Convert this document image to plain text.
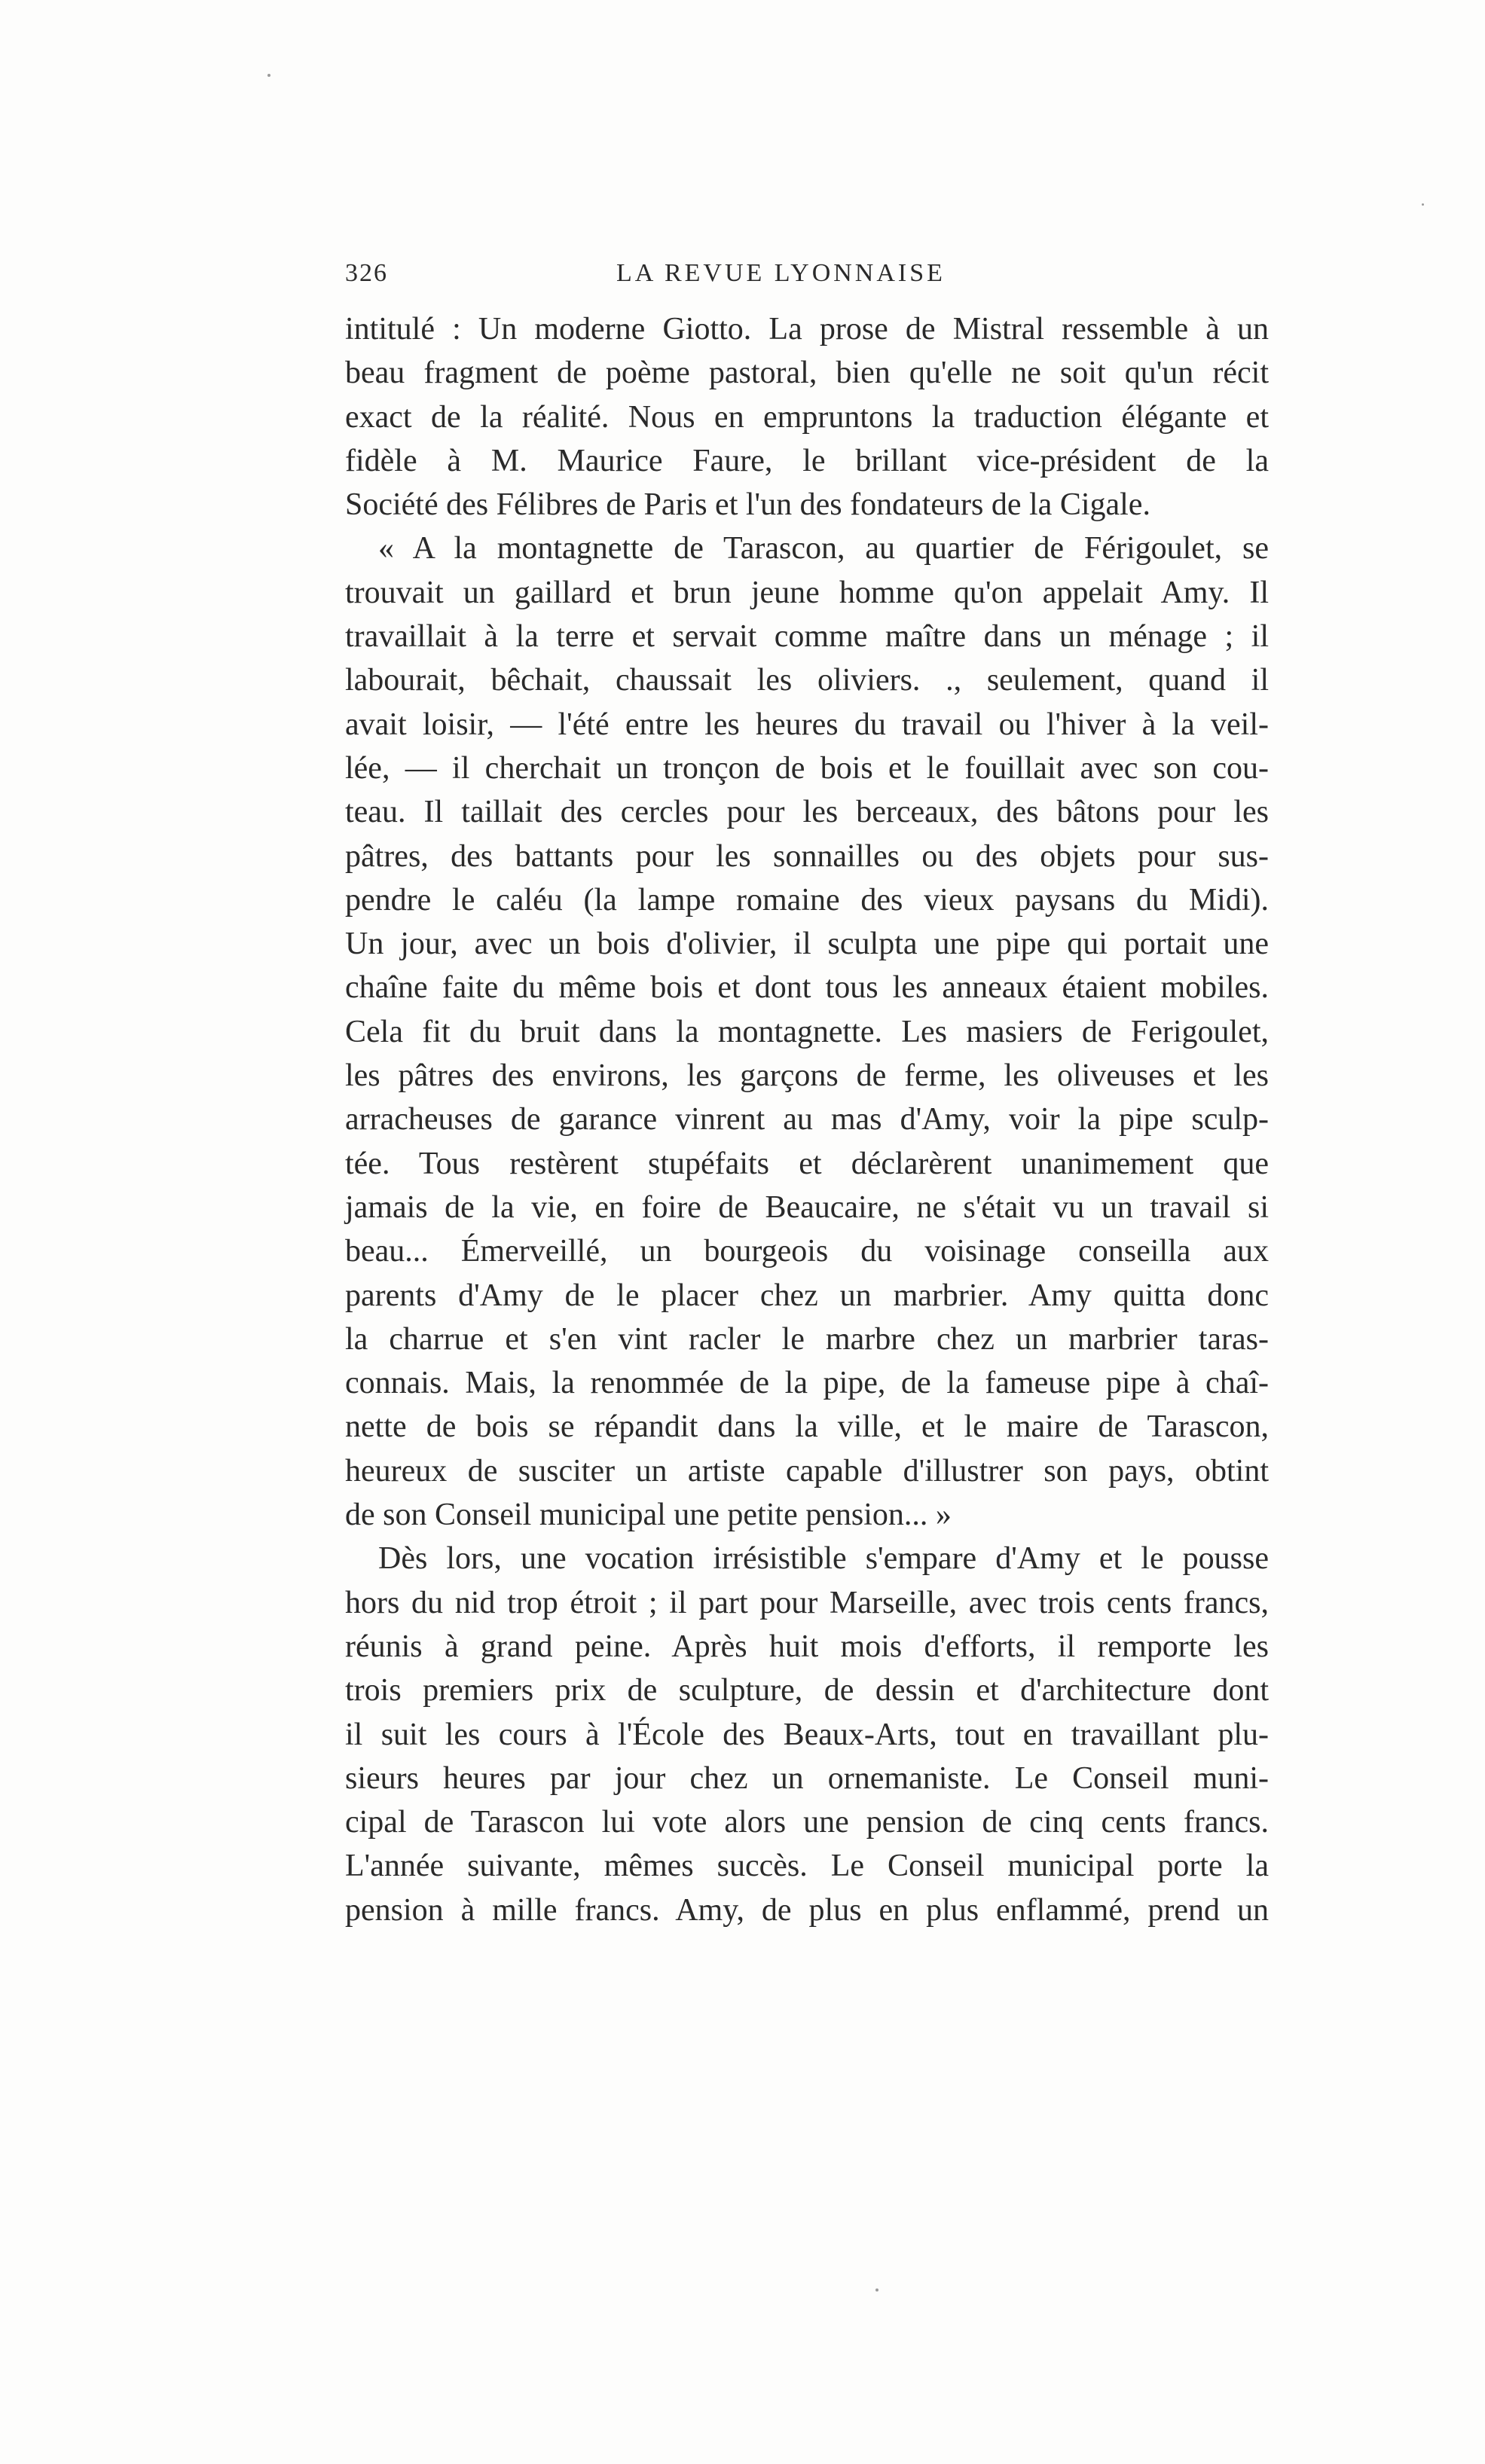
326	LA REVUE LYONNAISE
intitulé : Un moderne Giotto. La prose de Mistral ressemble à un
beau fragment de poème pastoral, bien qu'elle ne soit qu'un récit
exact de la réalité. Nous en empruntons la traduction élégante et
fidèle à M. Maurice Faure, le brillant vice-président de la
Société des Félibres de Paris et l'un des fondateurs de la Cigale.
« A la montagnette de Tarascon, au quartier de Férigoulet, se
trouvait un gaillard et brun jeune homme qu'on appelait Amy. Il
travaillait à la terre et servait comme maître dans un ménage ; il
labourait, bêchait, chaussait les oliviers. ., seulement, quand il
avait loisir, — l'été entre les heures du travail ou l'hiver à la veil-
lée, — il cherchait un tronçon de bois et le fouillait avec son cou-
teau. Il taillait des cercles pour les berceaux, des bâtons pour les
pâtres, des battants pour les sonnailles ou des objets pour sus-
pendre le caléu (la lampe romaine des vieux paysans du Midi).
Un jour, avec un bois d'olivier, il sculpta une pipe qui portait une
chaîne faite du même bois et dont tous les anneaux étaient mobiles.
Cela fit du bruit dans la montagnette. Les masiers de Ferigoulet,
les pâtres des environs, les garçons de ferme, les oliveuses et les
arracheuses de garance vinrent au mas d'Amy, voir la pipe sculp-
tée. Tous restèrent stupéfaits et déclarèrent unanimement que
jamais de la vie, en foire de Beaucaire, ne s'était vu un travail si
beau... Émerveillé, un bourgeois du voisinage conseilla aux
parents d'Amy de le placer chez un marbrier. Amy quitta donc
la charrue et s'en vint racler le marbre chez un marbrier taras-
connais. Mais, la renommée de la pipe, de la fameuse pipe à chaî-
nette de bois se répandit dans la ville, et le maire de Tarascon,
heureux de susciter un artiste capable d'illustrer son pays, obtint
de son Conseil municipal une petite pension... »
Dès lors, une vocation irrésistible s'empare d'Amy et le pousse
hors du nid trop étroit ; il part pour Marseille, avec trois cents francs,
réunis à grand peine. Après huit mois d'efforts, il remporte les
trois premiers prix de sculpture, de dessin et d'architecture dont
il suit les cours à l'École des Beaux-Arts, tout en travaillant plu-
sieurs heures par jour chez un ornemaniste. Le Conseil muni-
cipal de Tarascon lui vote alors une pension de cinq cents francs.
L'année suivante, mêmes succès. Le Conseil municipal porte la
pension à mille francs. Amy, de plus en plus enflammé, prend un
